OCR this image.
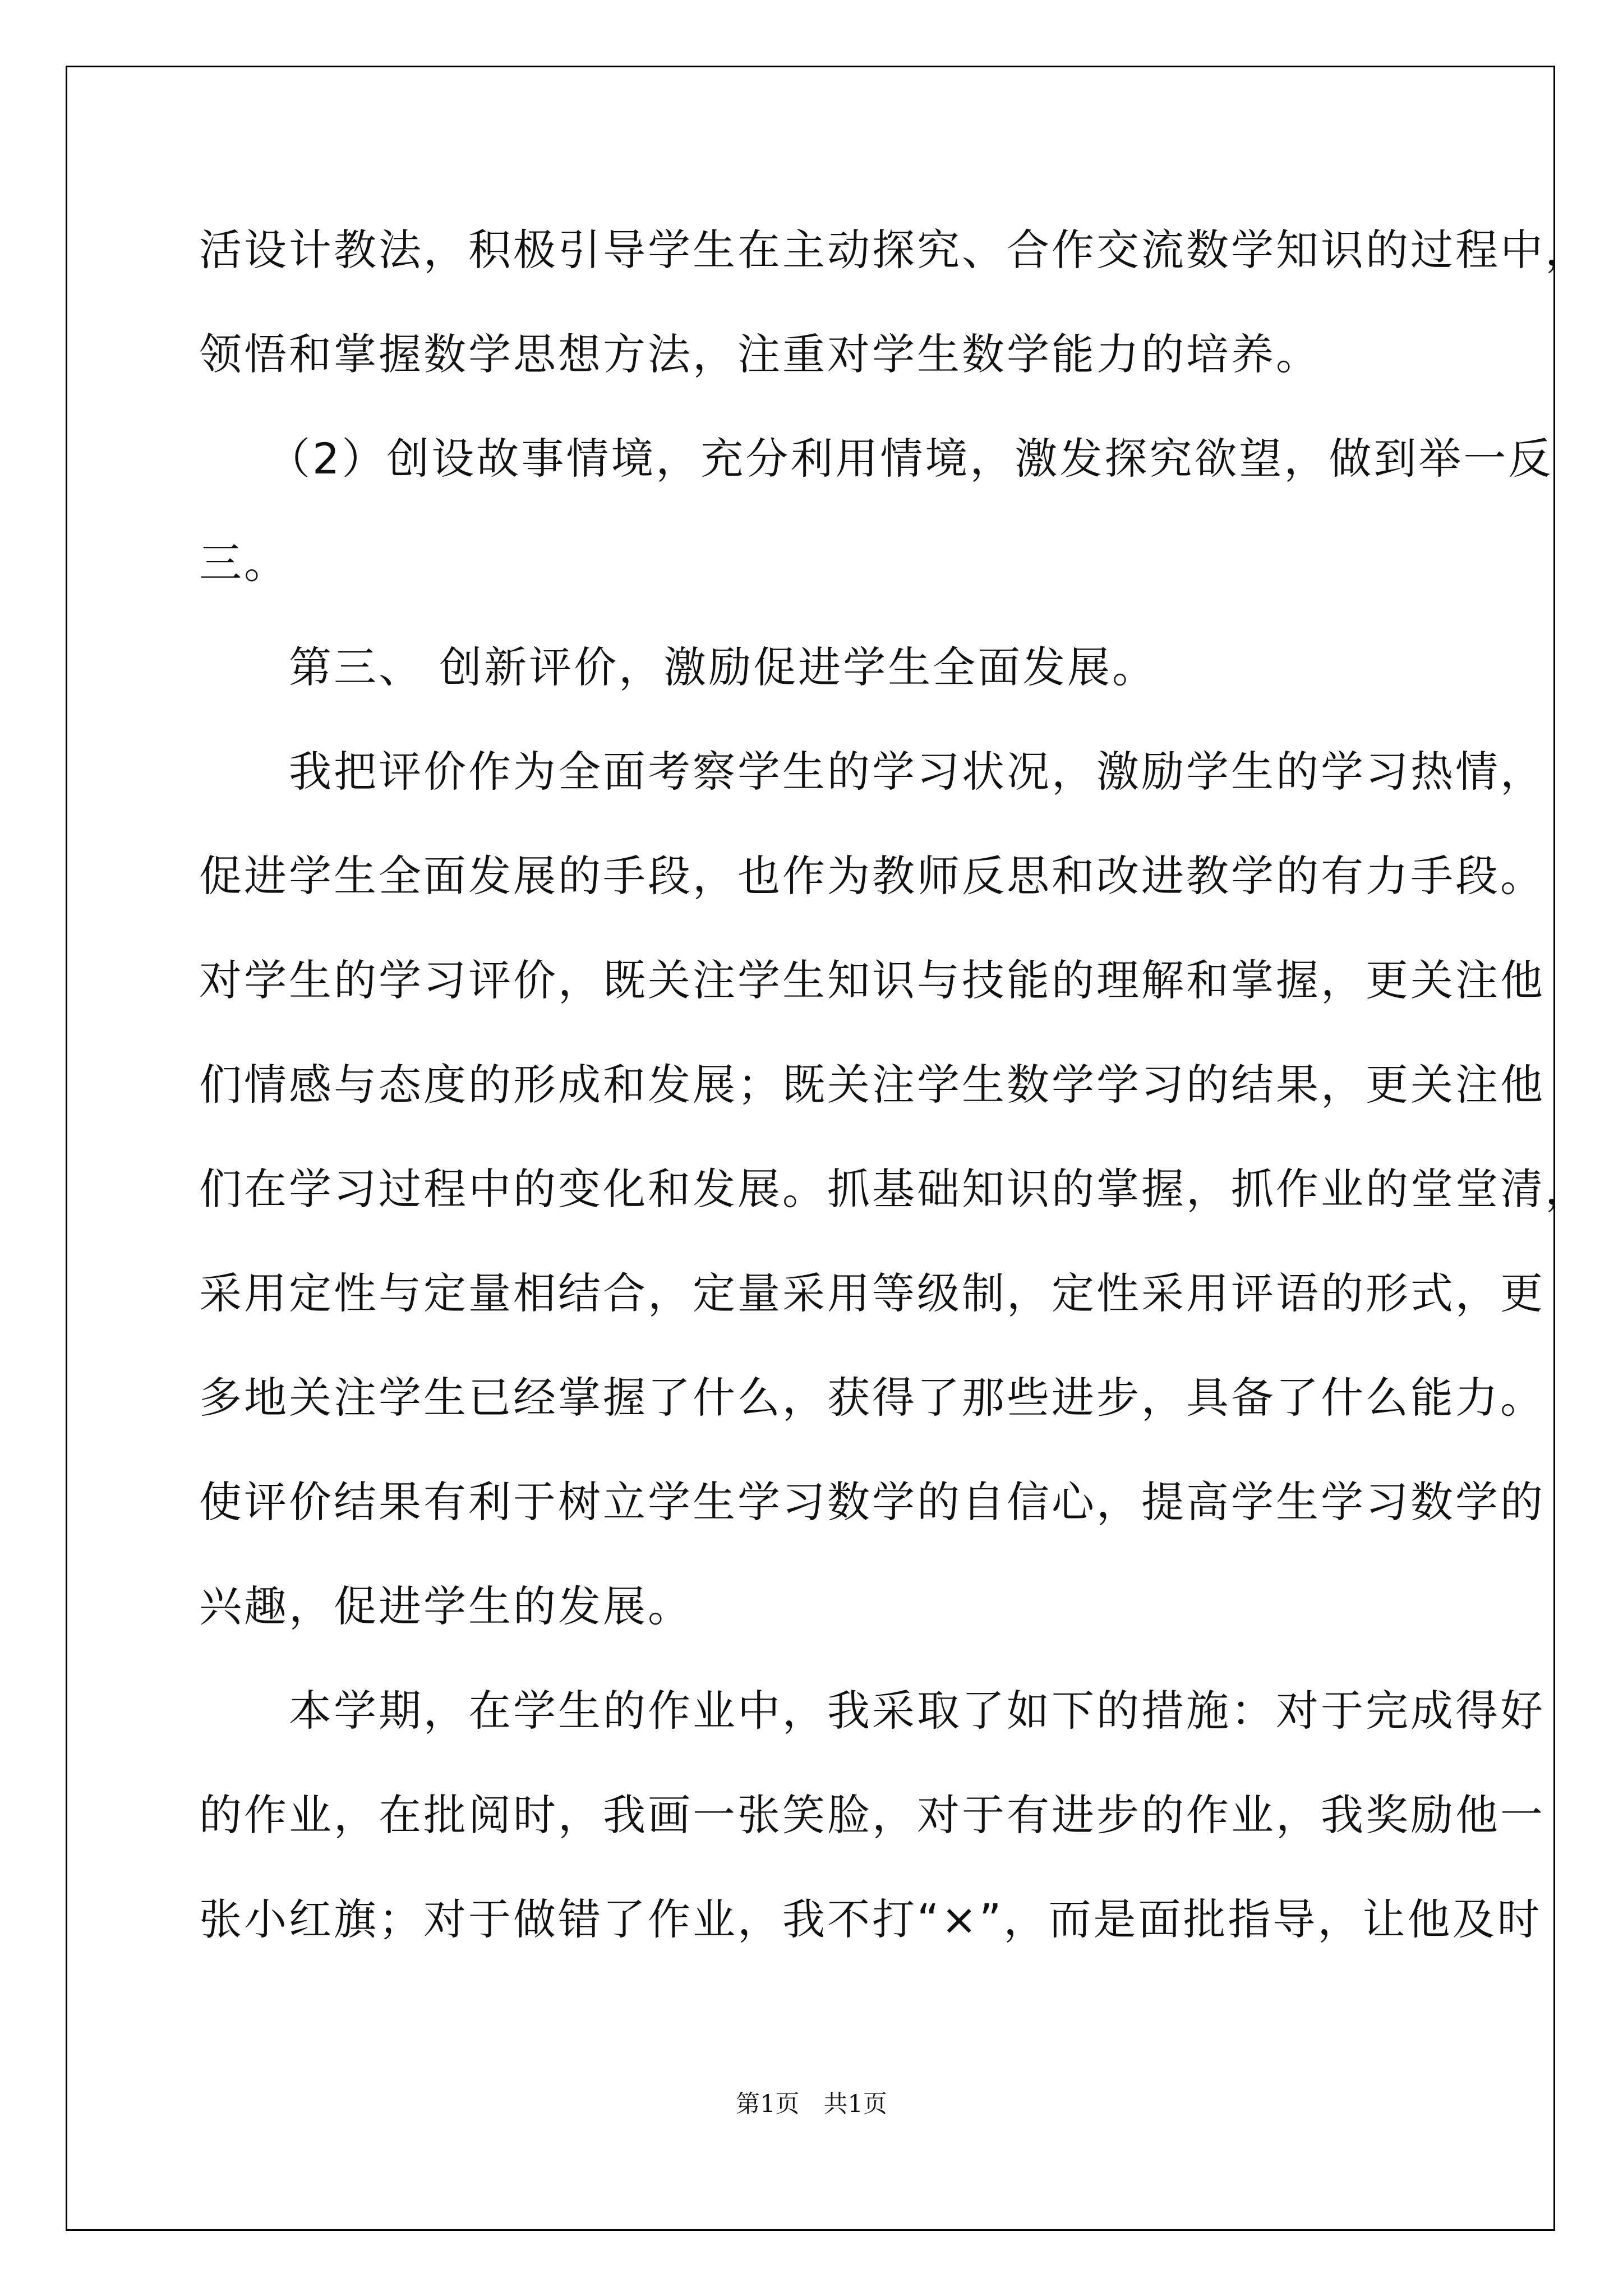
活设计教法，积极引导学生在主动探究、合作交流数学知识的过程中，
领悟和掌握数学思想方法，注重对学生数学能力的培养。
　　（2）创设故事情境，充分利用情境，激发探究欲望，做到举一反
三。
　　第三、 创新评价，激励促进学生全面发展。
　　我把评价作为全面考察学生的学习状况，激励学生的学习热情，
促进学生全面发展的手段，也作为教师反思和改进教学的有力手段。
对学生的学习评价，既关注学生知识与技能的理解和掌握，更关注他
们情感与态度的形成和发展；既关注学生数学学习的结果，更关注他
们在学习过程中的变化和发展。抓基础知识的掌握，抓作业的堂堂清，
采用定性与定量相结合，定量采用等级制，定性采用评语的形式，更
多地关注学生已经掌握了什么，获得了那些进步，具备了什么能力。
使评价结果有利于树立学生学习数学的自信心，提高学生学习数学的
兴趣，促进学生的发展。
　　本学期，在学生的作业中，我采取了如下的措施：对于完成得好
的作业，在批阅时，我画一张笑脸，对于有进步的作业，我奖励他一
张小红旗；对于做错了作业，我不打“×”，而是面批指导，让他及时
第1页　共1页
